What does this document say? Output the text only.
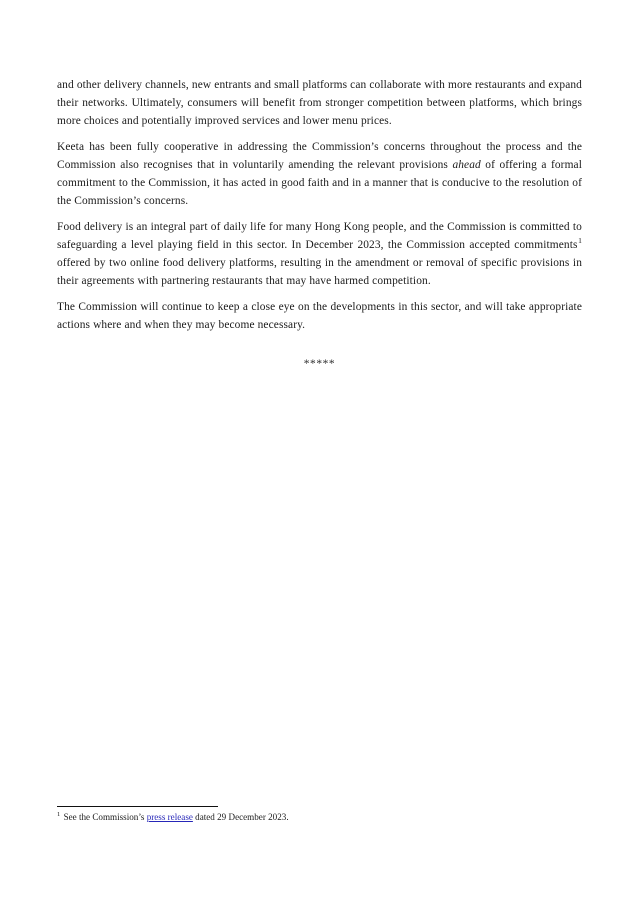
and other delivery channels, new entrants and small platforms can collaborate with more restaurants and expand their networks. Ultimately, consumers will benefit from stronger competition between platforms, which brings more choices and potentially improved services and lower menu prices.

Keeta has been fully cooperative in addressing the Commission’s concerns throughout the process and the Commission also recognises that in voluntarily amending the relevant provisions ahead of offering a formal commitment to the Commission, it has acted in good faith and in a manner that is conducive to the resolution of the Commission’s concerns.

Food delivery is an integral part of daily life for many Hong Kong people, and the Commission is committed to safeguarding a level playing field in this sector. In December 2023, the Commission accepted commitments$^1$ offered by two online food delivery platforms, resulting in the amendment or removal of specific provisions in their agreements with partnering restaurants that may have harmed competition.

The Commission will continue to keep a close eye on the developments in this sector, and will take appropriate actions where and when they may become necessary.

*****
$^1$ See the Commission’s press release dated 29 December 2023.
